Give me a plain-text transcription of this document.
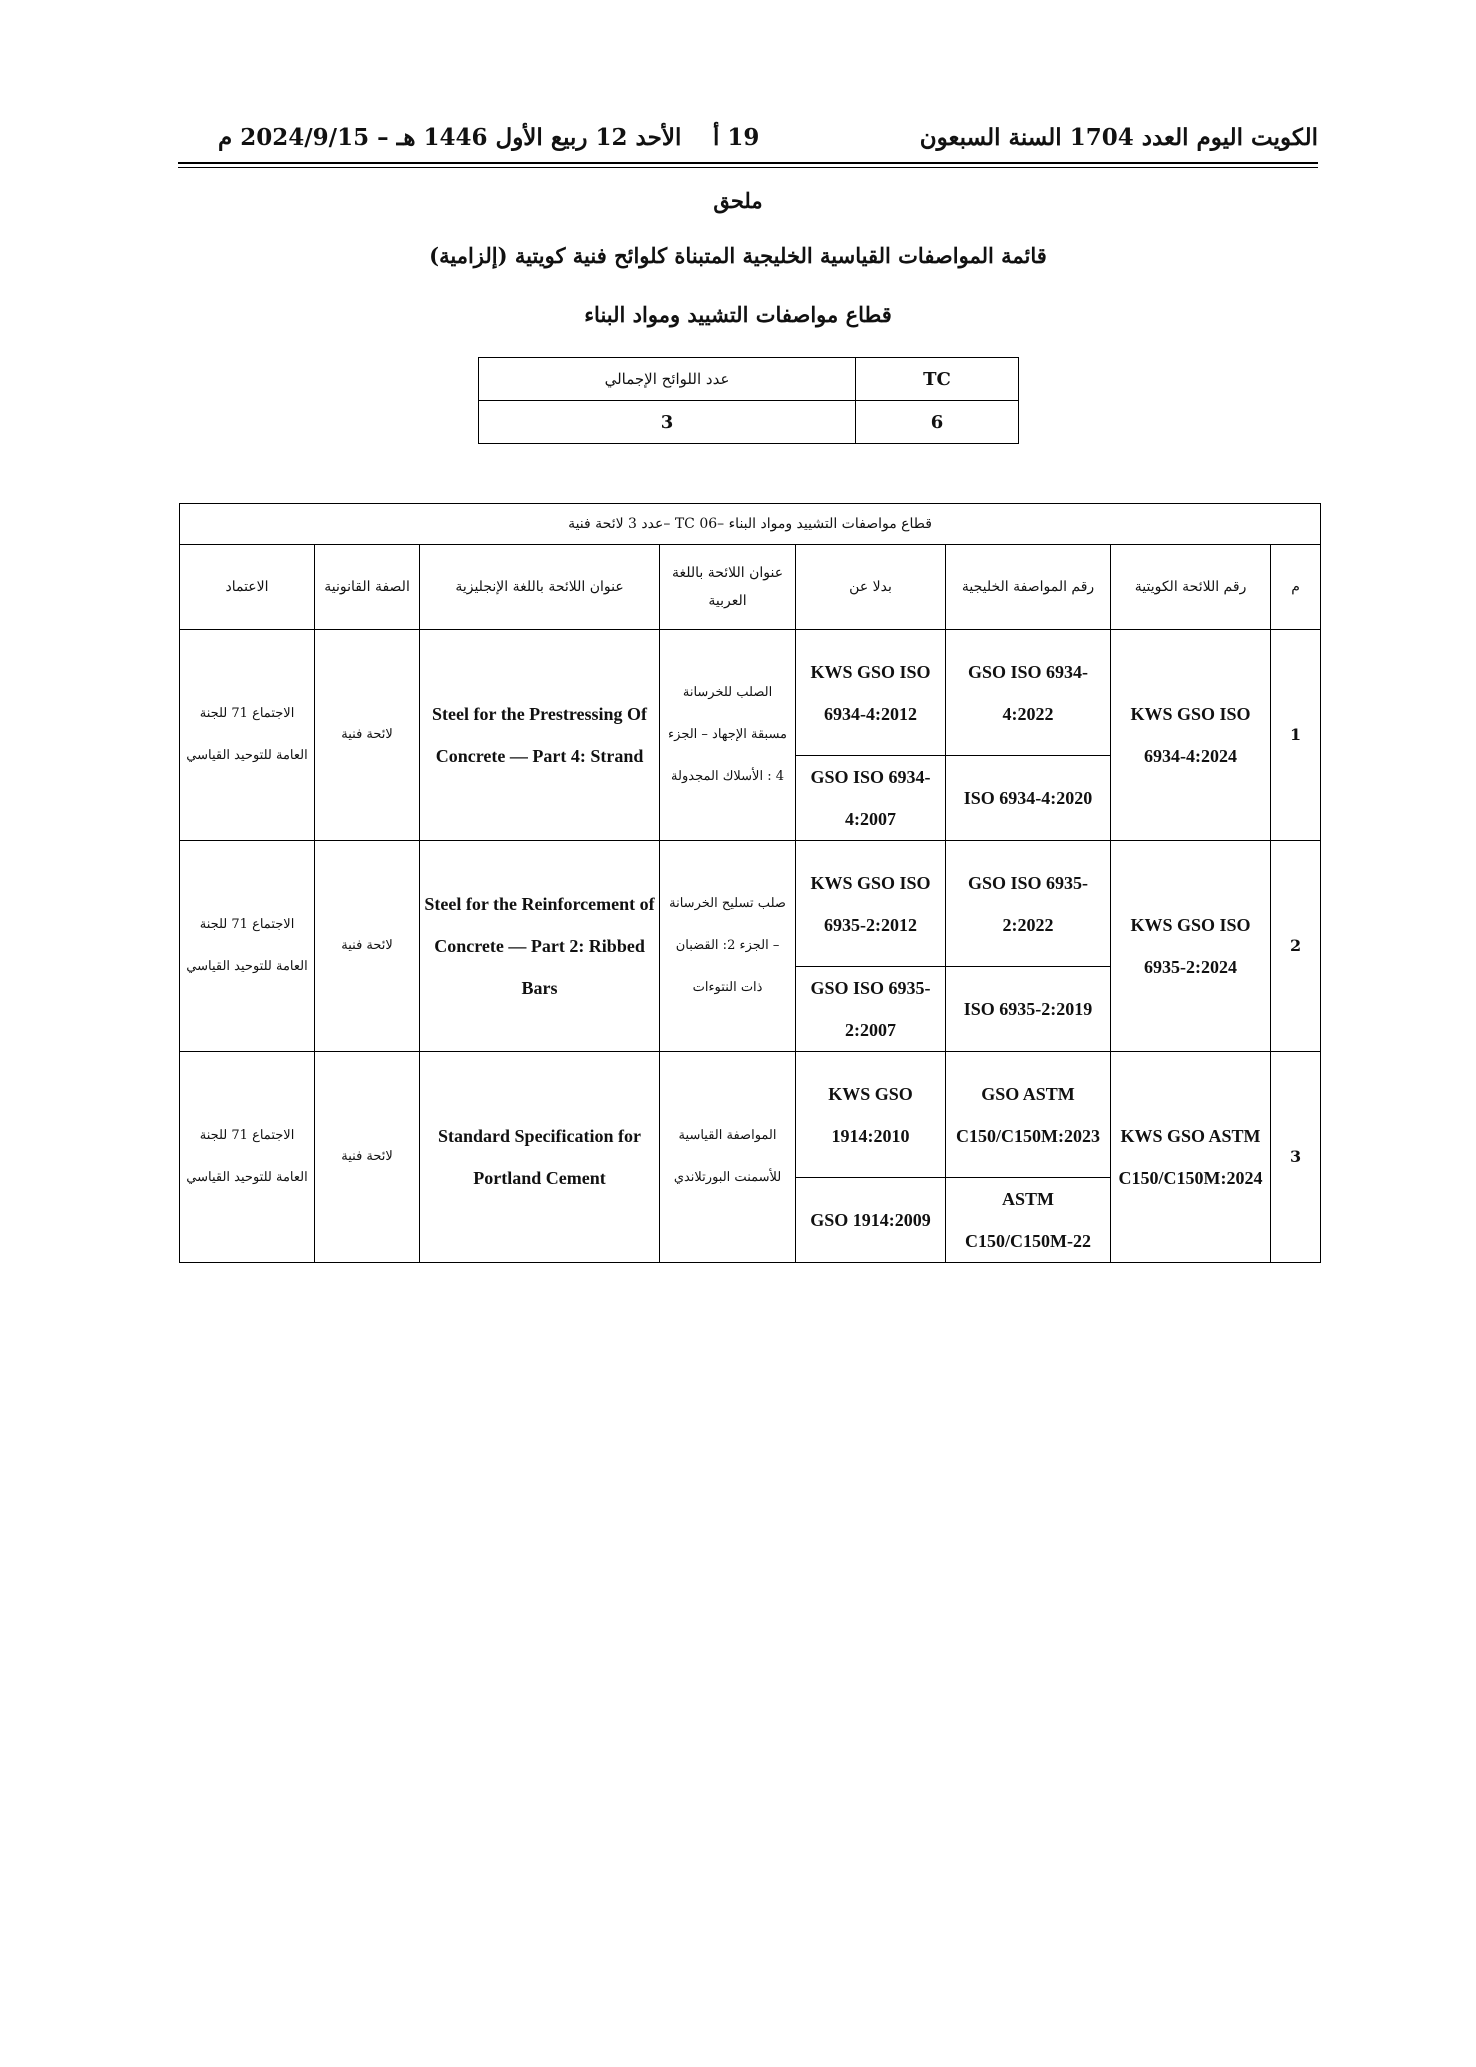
الكويت اليوم العدد 1704 السنة السبعون
19 أ
الأحد 12 ربيع الأول 1446 هـ – 2024/9/15 م
ملحق
قائمة المواصفات القياسية الخليجية المتبناة كلوائح فنية كويتية (إلزامية)
قطاع مواصفات التشييد ومواد البناء
TC	عدد اللوائح الإجمالي
6	3
قطاع مواصفات التشييد ومواد البناء –TC 06 –عدد 3 لائحة فنية							
م	رقم اللائحة الكويتية	رقم المواصفة الخليجية	بدلا عن	عنوان اللائحة باللغة العربية	عنوان اللائحة باللغة الإنجليزية	الصفة القانونية	الاعتماد
1	KWS GSO ISO 6934-4:2024	GSO ISO 6934-4:2022	KWS GSO ISO 6934-4:2012	الصلب للخرسانة مسبقة الإجهاد – الجزء 4 : الأسلاك المجدولة	Steel for the Prestressing Of Concrete — Part 4: Strand	لائحة فنية	الاجتماع 71 للجنة العامة للتوحيد القياسي
		ISO 6934-4:2020	GSO ISO 6934-4:2007				
2	KWS GSO ISO 6935-2:2024	GSO ISO 6935-2:2022	KWS GSO ISO 6935-2:2012	صلب تسليح الخرسانة – الجزء 2: القضبان ذات النتوءات	Steel for the Reinforcement of Concrete — Part 2: Ribbed Bars	لائحة فنية	الاجتماع 71 للجنة العامة للتوحيد القياسي
		ISO 6935-2:2019	GSO ISO 6935-2:2007				
3	KWS GSO ASTM C150/C150M:2024	GSO ASTM C150/C150M:2023	KWS GSO 1914:2010	المواصفة القياسية للأسمنت البورتلاندي	Standard Specification for Portland Cement	لائحة فنية	الاجتماع 71 للجنة العامة للتوحيد القياسي
		ASTM C150/C150M-22	GSO 1914:2009				
